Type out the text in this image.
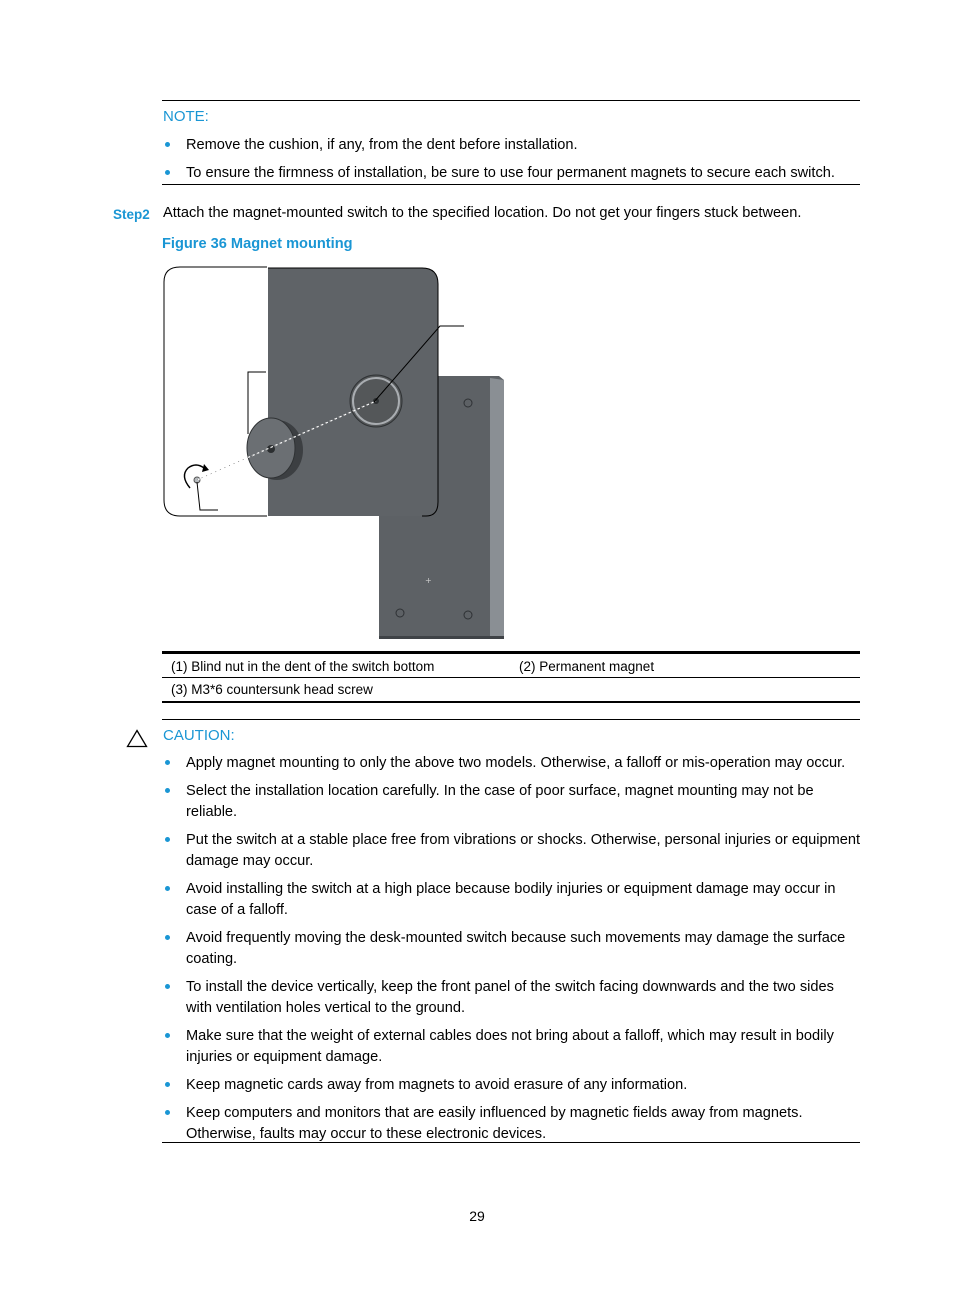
NOTE:
Remove the cushion, if any, from the dent before installation.
To ensure the firmness of installation, be sure to use four permanent magnets to secure each switch.
Step2 Attach the magnet-mounted switch to the specified location. Do not get your fingers stuck between.
Figure 36 Magnet mounting
+
(1) Blind nut in the dent of the switch bottom	(2) Permanent magnet
(3) M3*6 countersunk head screw
CAUTION:
Apply magnet mounting to only the above two models. Otherwise, a falloff or mis-operation may occur.
Select the installation location carefully. In the case of poor surface, magnet mounting may not be reliable.
Put the switch at a stable place free from vibrations or shocks. Otherwise, personal injuries or equipment damage may occur.
Avoid installing the switch at a high place because bodily injuries or equipment damage may occur in case of a falloff.
Avoid frequently moving the desk-mounted switch because such movements may damage the surface coating.
To install the device vertically, keep the front panel of the switch facing downwards and the two sides with ventilation holes vertical to the ground.
Make sure that the weight of external cables does not bring about a falloff, which may result in bodily injuries or equipment damage.
Keep magnetic cards away from magnets to avoid erasure of any information.
Keep computers and monitors that are easily influenced by magnetic fields away from magnets. Otherwise, faults may occur to these electronic devices.
29
